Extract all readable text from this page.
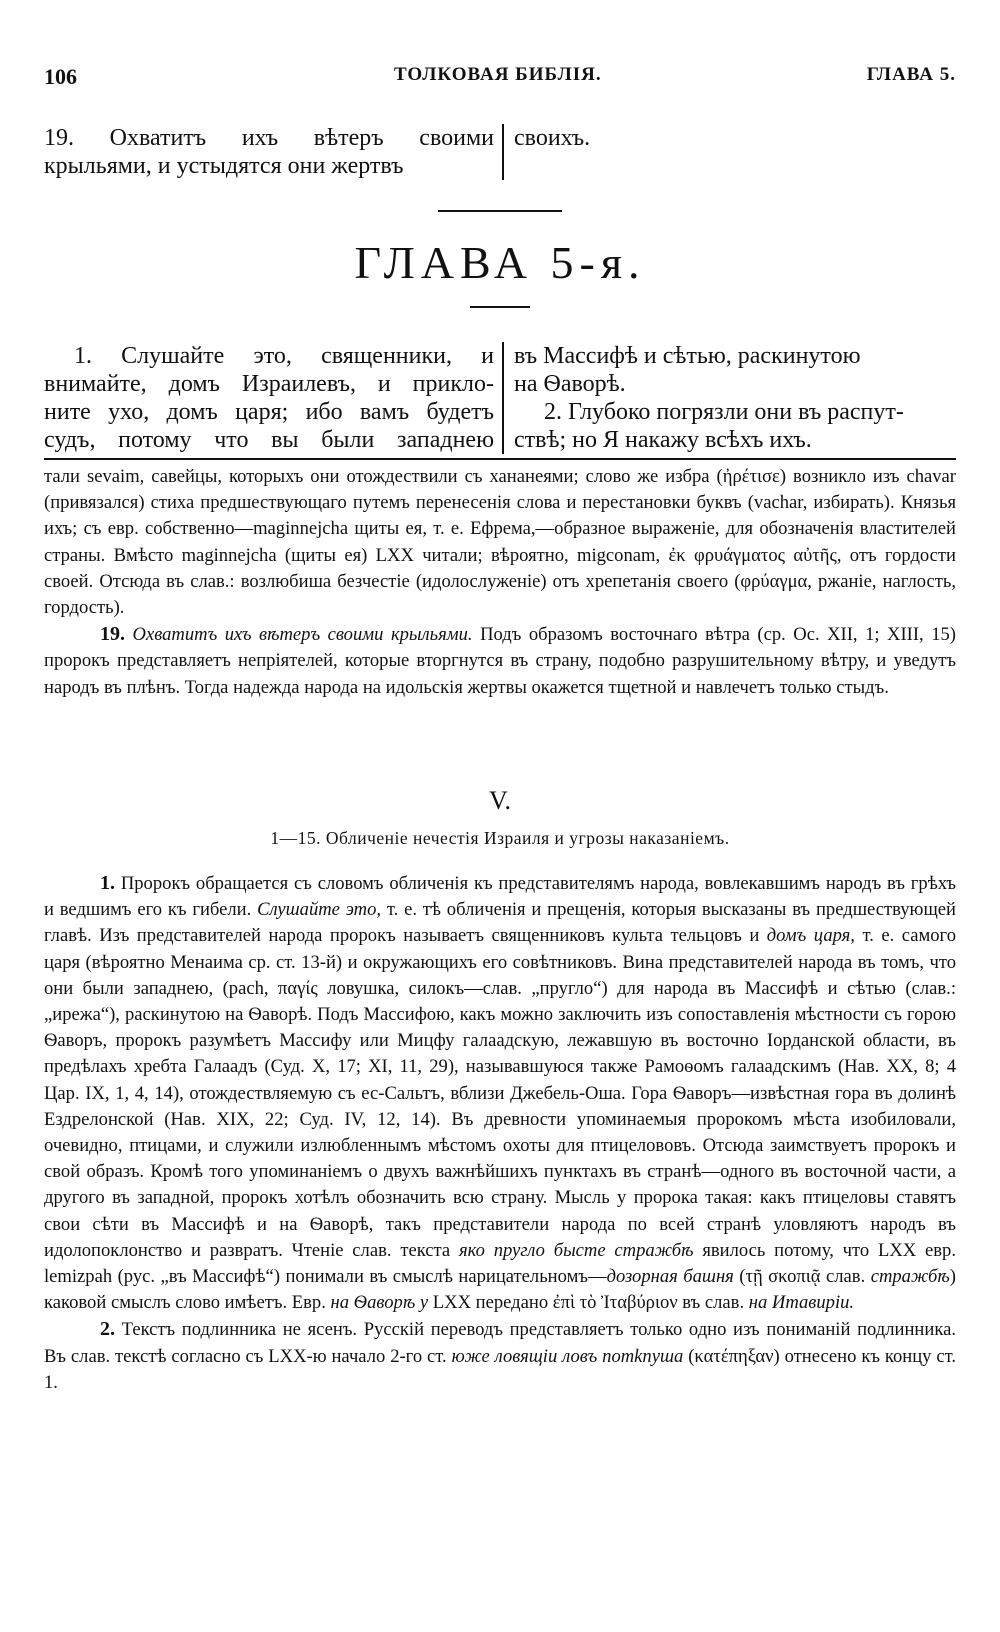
106	ТОЛКОВАЯ БИБЛІЯ.	ГЛАВА 5.

19. Охватитъ ихъ вѣтеръ своими

крыльями, и устыдятся они жертвъ

своихъ.

ГЛАВА 5-я.

1. Слушайте это, священники, и

внимайте, домъ Израилевъ, и прикло-

ните ухо, домъ царя; ибо вамъ будетъ

судъ, потому что вы были западнею

въ Массифѣ и сѣтью, раскинутою

на Ѳаворѣ.

2. Глубоко погрязли они въ распут-

ствѣ; но Я накажу всѣхъ ихъ.

тали sevaim, савейцы, которыхъ они отождествили съ хананеями; слово же избра (ἠρέτισε) возникло изъ chavar (привязался) стиха предшествующаго путемъ перенесенія слова и перестановки буквъ (vachar, избирать). Князья ихъ; съ евр. собственно—maginnejcha щиты ея, т. е. Ефрема,—образное выраженіе, для обозначенія властителей страны. Вмѣсто maginnejcha (щиты ея) LXX читали; вѣроятно, migconam, ἐκ φρυάγματος αὐτῆς, отъ гордости своей. Отсюда въ слав.: возлюбиша безчестіе (идолослуженіе) отъ хрепетанія своего (φρύαγμα, ржаніе, наглость, гордость).

19. Охватитъ ихъ вѣтеръ своими крыльями. Подъ образомъ восточнаго вѣтра (ср. Ос. XII, 1; XIII, 15) пророкъ представляетъ непріятелей, которые вторгнутся въ страну, подобно разрушительному вѣтру, и уведутъ народъ въ плѣнъ. Тогда надежда народа на идольскія жертвы окажется тщетной и навлечетъ только стыдъ.

V.
1—15. Обличеніе нечестія Израиля и угрозы наказаніемъ.

1. Пророкъ обращается съ словомъ обличенія къ представителямъ народа, вовлекавшимъ народъ въ грѣхъ и ведшимъ его къ гибели. Слушайте это, т. е. тѣ обличенія и прещенія, которыя высказаны въ предшествующей главѣ. Изъ представителей народа пророкъ называетъ священниковъ культа тельцовъ и домъ царя, т. е. самого царя (вѣроятно Менаима ср. ст. 13-й) и окружающихъ его совѣтниковъ. Вина представителей народа въ томъ, что они были западнею, (pach, παγίς ловушка, силокъ—слав. „пругло“) для народа въ Массифѣ и сѣтью (слав.: „ирежа“), раскинутою на Ѳаворѣ. Подъ Массифою, какъ можно заключить изъ сопоставленія мѣстности съ горою Ѳаворъ, пророкъ разумѣетъ Массифу или Мицфу галаадскую, лежавшую въ восточно Іорданской области, въ предѣлахъ хребта Галаадъ (Суд. X, 17; XI, 11, 29), называвшуюся также Рамоѳомъ галаадскимъ (Нав. XX, 8; 4 Цар. IX, 1, 4, 14), отождествляемую съ ес-Сальтъ, вблизи Джебель-Оша. Гора Ѳаворъ—извѣстная гора въ долинѣ Ездрелонской (Нав. XIX, 22; Суд. IV, 12, 14). Въ древности упоминаемыя пророкомъ мѣста изобиловали, очевидно, птицами, и служили излюбленнымъ мѣстомъ охоты для птицелововъ. Отсюда заимствуетъ пророкъ и свой образъ. Кромѣ того упоминаніемъ о двухъ важнѣйшихъ пунктахъ въ странѣ—одного въ восточной части, а другого въ западной, пророкъ хотѣлъ обозначить всю страну. Мысль у пророка такая: какъ птицеловы ставятъ свои сѣти въ Массифѣ и на Ѳаворѣ, такъ представители народа по всей странѣ уловляютъ народъ въ идолопоклонство и развратъ. Чтеніе слав. текста яко пругло бысте стражбѣ явилось потому, что LXX евр. lemizpah (рус. „въ Массифѣ“) понимали въ смыслѣ нарицательномъ—дозорная башня (τῇ σκοπιᾷ слав. стражбѣ) каковой смыслъ слово имѣетъ. Евр. на Ѳаворѣ у LXX передано ἐπὶ τὸ Ἰταβύριον въ слав. на Итавиріи.

2. Текстъ подлинника не ясенъ. Русскій переводъ представляетъ только одно изъ пониманій подлинника. Въ слав. текстѣ согласно съ LXX-ю начало 2-го ст. юже ловящіи ловъ потknуша (κατέπηξαν) отнесено къ концу ст. 1.
